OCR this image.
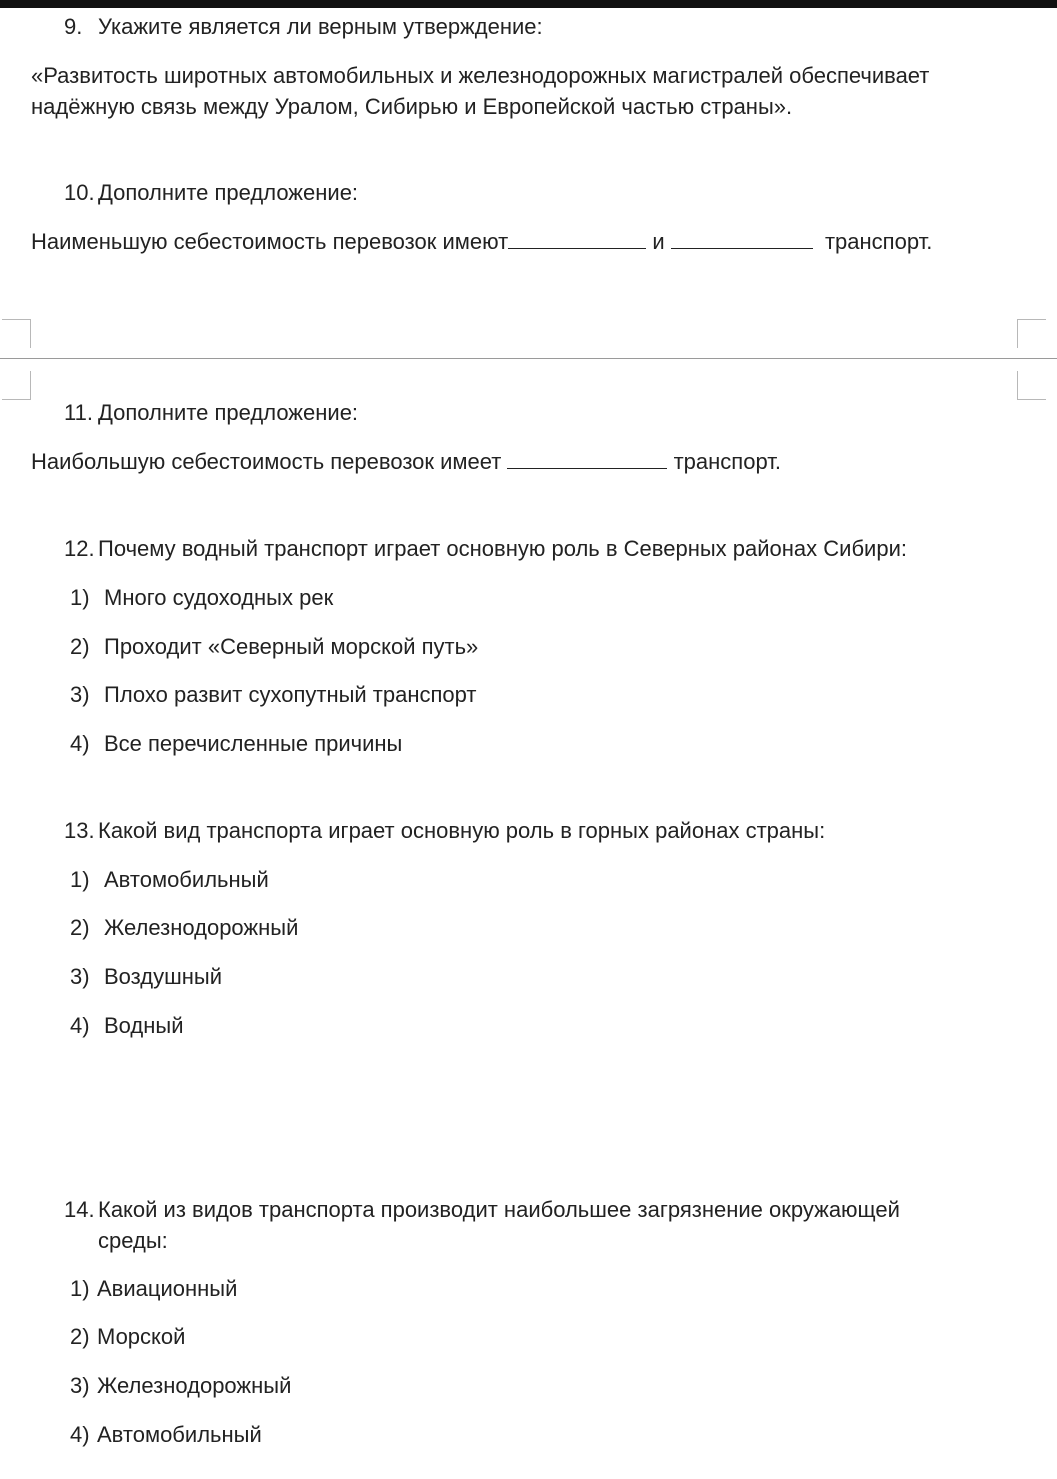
9. Укажите является ли верным утверждение:
«Развитость широтных автомобильных и железнодорожных магистралей обеспечивает
надёжную связь между Уралом, Сибирью и Европейской частью страны».
10. Дополните предложение:
Наименьшую себестоимость перевозок имеют	и	транспорт.
11. Дополните предложение:
Наибольшую себестоимость перевозок имеет	транспорт.
12. Почему водный транспорт играет основную роль в Северных районах Сибири:
1) Много судоходных рек
2) Проходит «Северный морской путь»
3) Плохо развит сухопутный транспорт
4) Все перечисленные причины
13. Какой вид транспорта играет основную роль в горных районах страны:
1) Автомобильный
2) Железнодорожный
3) Воздушный
4) Водный
14. Какой из видов транспорта производит наибольшее загрязнение окружающей
среды:
1) Авиационный
2) Морской
3) Железнодорожный
4) Автомобильный
